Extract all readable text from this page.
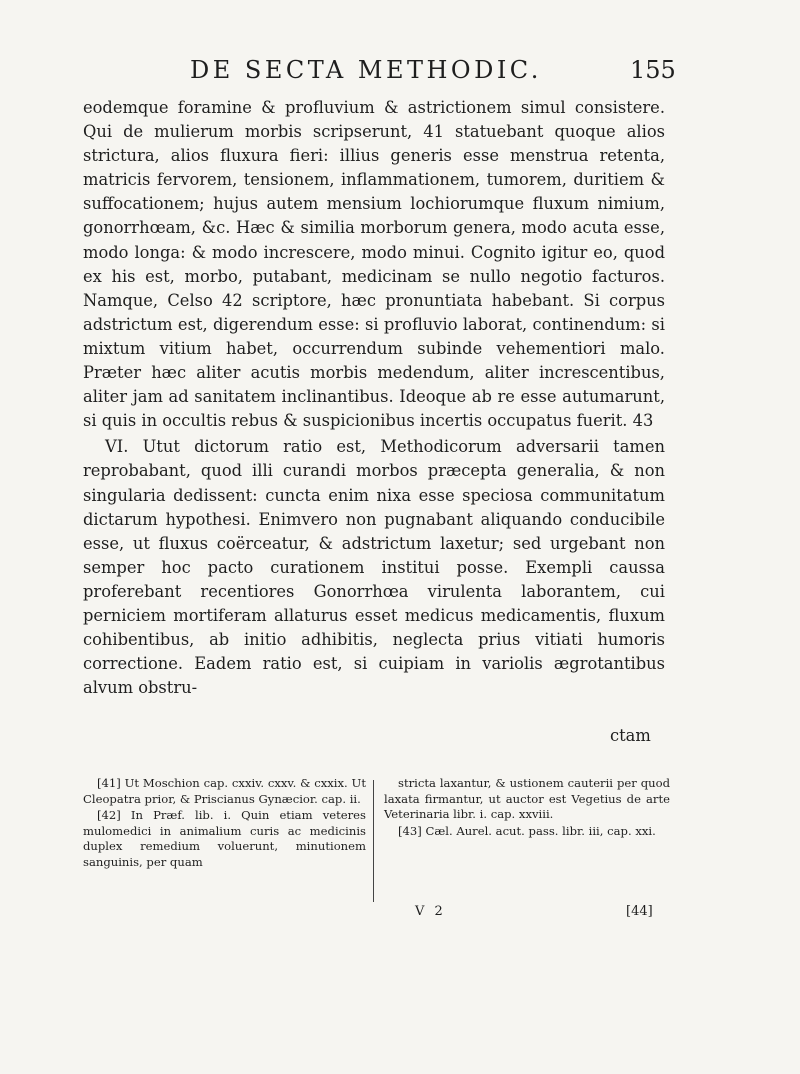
DE SECTA METHODIC.	155

eodemque foramine & profluvium & astrictionem simul consistere. Qui de mulierum morbis scripserunt, 41 statuebant quoque alios strictura, alios fluxura fieri: illius generis esse menstrua retenta, matricis fervorem, tensionem, inflammationem, tumorem, duritiem & suffocationem; hujus autem mensium lochiorumque fluxum nimium, gonorrhœam, &c. Hæc & similia morborum genera, modo acuta esse, modo longa: & modo increscere, modo minui. Cognito igitur eo, quod ex his est, morbo, putabant, medicinam se nullo negotio facturos. Namque, Celso 42 scriptore, hæc pronuntiata habebant. Si corpus adstrictum est, digerendum esse: si profluvio laborat, continendum: si mixtum vitium habet, occurrendum subinde vehementiori malo. Præter hæc aliter acutis morbis medendum, aliter increscentibus, aliter jam ad sanitatem inclinantibus. Ideoque ab re esse autumarunt, si quis in occultis rebus & suspicionibus incertis occupatus fuerit. 43

VI. Utut dictorum ratio est, Methodicorum adversarii tamen reprobabant, quod illi curandi morbos præcepta generalia, & non singularia dedissent: cuncta enim nixa esse speciosa communitatum dictarum hypothesi. Enimvero non pugnabant aliquando conducibile esse, ut fluxus coërceatur, & adstrictum laxetur; sed urgebant non semper hoc pacto curationem institui posse. Exempli caussa proferebant recentiores Gonorrhœa virulenta laborantem, cui perniciem mortiferam allaturus esset medicus medicamentis, fluxum cohibentibus, ab initio adhibitis, neglecta prius vitiati humoris correctione. Eadem ratio est, si cuipiam in variolis ægrotantibus alvum obstru-

ctam

[41] Ut Moschion cap. cxxiv. cxxv. & cxxix. Ut Cleopatra prior, & Priscianus Gynæcior. cap. ii.

[42] In Præf. lib. i. Quin etiam veteres mulomedici in animalium curis ac medicinis duplex remedium voluerunt, minutionem sanguinis, per quam

stricta laxantur, & ustionem cauterii per quod laxata firmantur, ut auctor est Vegetius de arte Veterinaria libr. i. cap. xxviii.

[43] Cæl. Aurel. acut. pass. libr. iii, cap. xxi.

V 2	[44]
